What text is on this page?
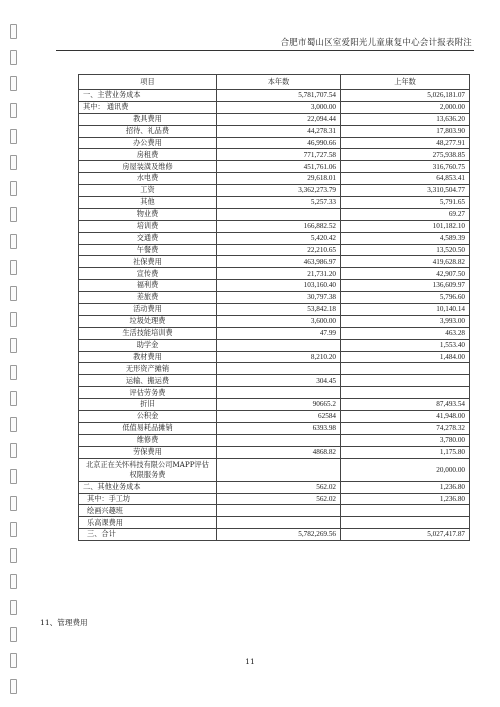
合肥市蜀山区室爱阳光儿童康复中心会计报表附注
项目	本年数	上年数
一、主营业务成本	5,781,707.54	5,026,181.07
其中： 通讯费	3,000.00	2,000.00
教具费用	22,094.44	13,636.20
招待、礼品费	44,278.31	17,803.90
办公费用	46,990.66	48,277.91
房租费	771,727.58	275,938.85
房屋装潢及维修	451,761.06	316,760.75
水电费	29,618.01	64,853.41
工资	3,362,273.79	3,310,504.77
其他	5,257.33	5,791.65
物业费		69.27
培训费	166,882.52	101,182.10
交通费	5,420.42	4,589.39
午餐费	22,210.65	13,520.50
社保费用	463,986.97	419,628.82
宣传费	21,731.20	42,907.50
福利费	103,160.40	136,609.97
差旅费	30,797.38	5,796.60
活动费用	53,842.18	10,140.14
垃圾处理费	3,600.00	3,993.00
生活技能培训费	47.99	463.28
助学金		1,553.40
教材费用	8,210.20	1,484.00
无形资产摊销		
运输、搬运费	304.45	
评估劳务费		
折旧	90665.2	87,493.54
公积金	62584	41,948.00
低值易耗品摊销	6393.98	74,278.32
维修费		3,780.00
劳保费用	4868.82	1,175.80
北京正在关怀科技有限公司MAPP评估权限服务费		20,000.00
二、其他业务成本	562.02	1,236.80
其中：手工坊	562.02	1,236.80
绘画兴趣班		
乐高课费用		
三、合计	5,782,269.56	5,027,417.87
11、管理费用
11
